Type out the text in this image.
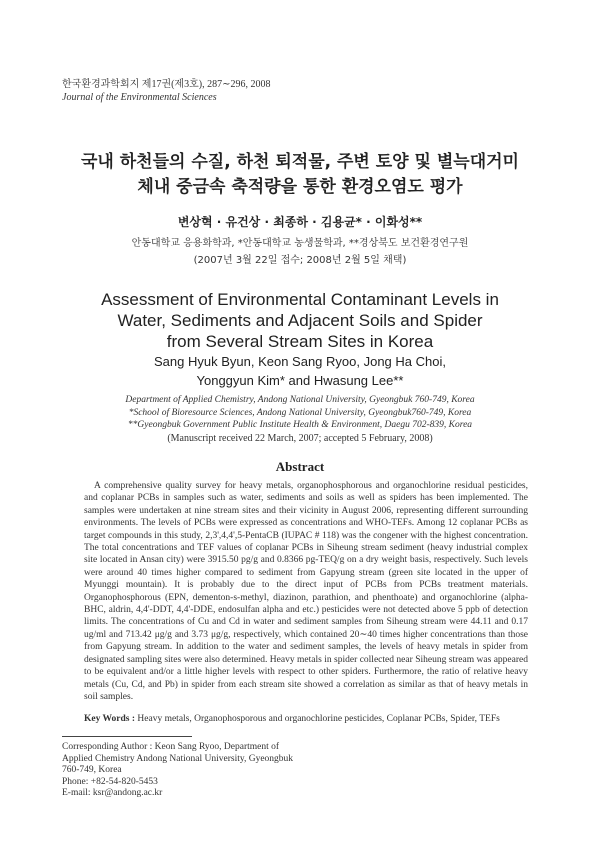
한국환경과학회지 제17권(제3호), 287∼296, 2008
Journal of the Environmental Sciences
국내 하천들의 수질, 하천 퇴적물, 주변 토양 및 별늑대거미
체내 중금속 축적량을 통한 환경오염도 평가
변상혁 · 유건상 · 최종하 · 김용균* · 이화성**
안동대학교 응용화학과, *안동대학교 농생물학과, **경상북도 보건환경연구원
(2007년 3월 22일 접수; 2008년 2월 5일 채택)
Assessment of Environmental Contaminant Levels in
Water, Sediments and Adjacent Soils and Spider
from Several Stream Sites in Korea
Sang Hyuk Byun, Keon Sang Ryoo, Jong Ha Choi,
Yonggyun Kim* and Hwasung Lee**
Department of Applied Chemistry, Andong National University, Gyeongbuk 760-749, Korea
*School of Bioresource Sciences, Andong National University, Gyeongbuk760-749, Korea
**Gyeongbuk Government Public Institute Health & Environment, Daegu 702-839, Korea
(Manuscript received 22 March, 2007; accepted 5 February, 2008)
Abstract

A comprehensive quality survey for heavy metals, organophosphorous and organochlorine residual pesticides, and coplanar PCBs in samples such as water, sediments and soils as well as spiders has been implemented. The samples were undertaken at nine stream sites and their vicinity in August 2006, representing different surrounding environments. The levels of PCBs were expressed as concentrations and WHO-TEFs. Among 12 coplanar PCBs as target compounds in this study, 2,3',4,4',5-PentaCB (IUPAC # 118) was the congener with the highest concentration. The total concentrations and TEF values of coplanar PCBs in Siheung stream sediment (heavy industrial complex site located in Ansan city) were 3915.50 pg/g and 0.8366 pg-TEQ/g on a dry weight basis, respectively. Such levels were around 40 times higher compared to sediment from Gapyung stream (green site located in the upper of Myunggi mountain). It is probably due to the direct input of PCBs from PCBs treatment materials. Organophosphorous (EPN, dementon-s-methyl, diazinon, parathion, and phenthoate) and organochlorine (alpha-BHC, aldrin, 4,4'-DDT, 4,4'-DDE, endosulfan alpha and etc.) pesticides were not detected above 5 ppb of detection limits. The concentrations of Cu and Cd in water and sediment samples from Siheung stream were 44.11 and 0.17 ug/ml and 713.42 μg/g and 3.73 μg/g, respectively, which contained 20∼40 times higher concentrations than those from Gapyung stream. In addition to the water and sediment samples, the levels of heavy metals in spider from designated sampling sites were also determined. Heavy metals in spider collected near Siheung stream was appeared to be equivalent and/or a little higher levels with respect to other spiders. Furthermore, the ratio of relative heavy metals (Cu, Cd, and Pb) in spider from each stream site showed a correlation as similar as that of heavy metals in soil samples.

Key Words : Heavy metals, Organophosporous and organochlorine pesticides, Coplanar PCBs, Spider, TEFs
Corresponding Author : Keon Sang Ryoo, Department of
Applied Chemistry Andong National University, Gyeongbuk
760-749, Korea
Phone: +82-54-820-5453
E-mail: ksr@andong.ac.kr
